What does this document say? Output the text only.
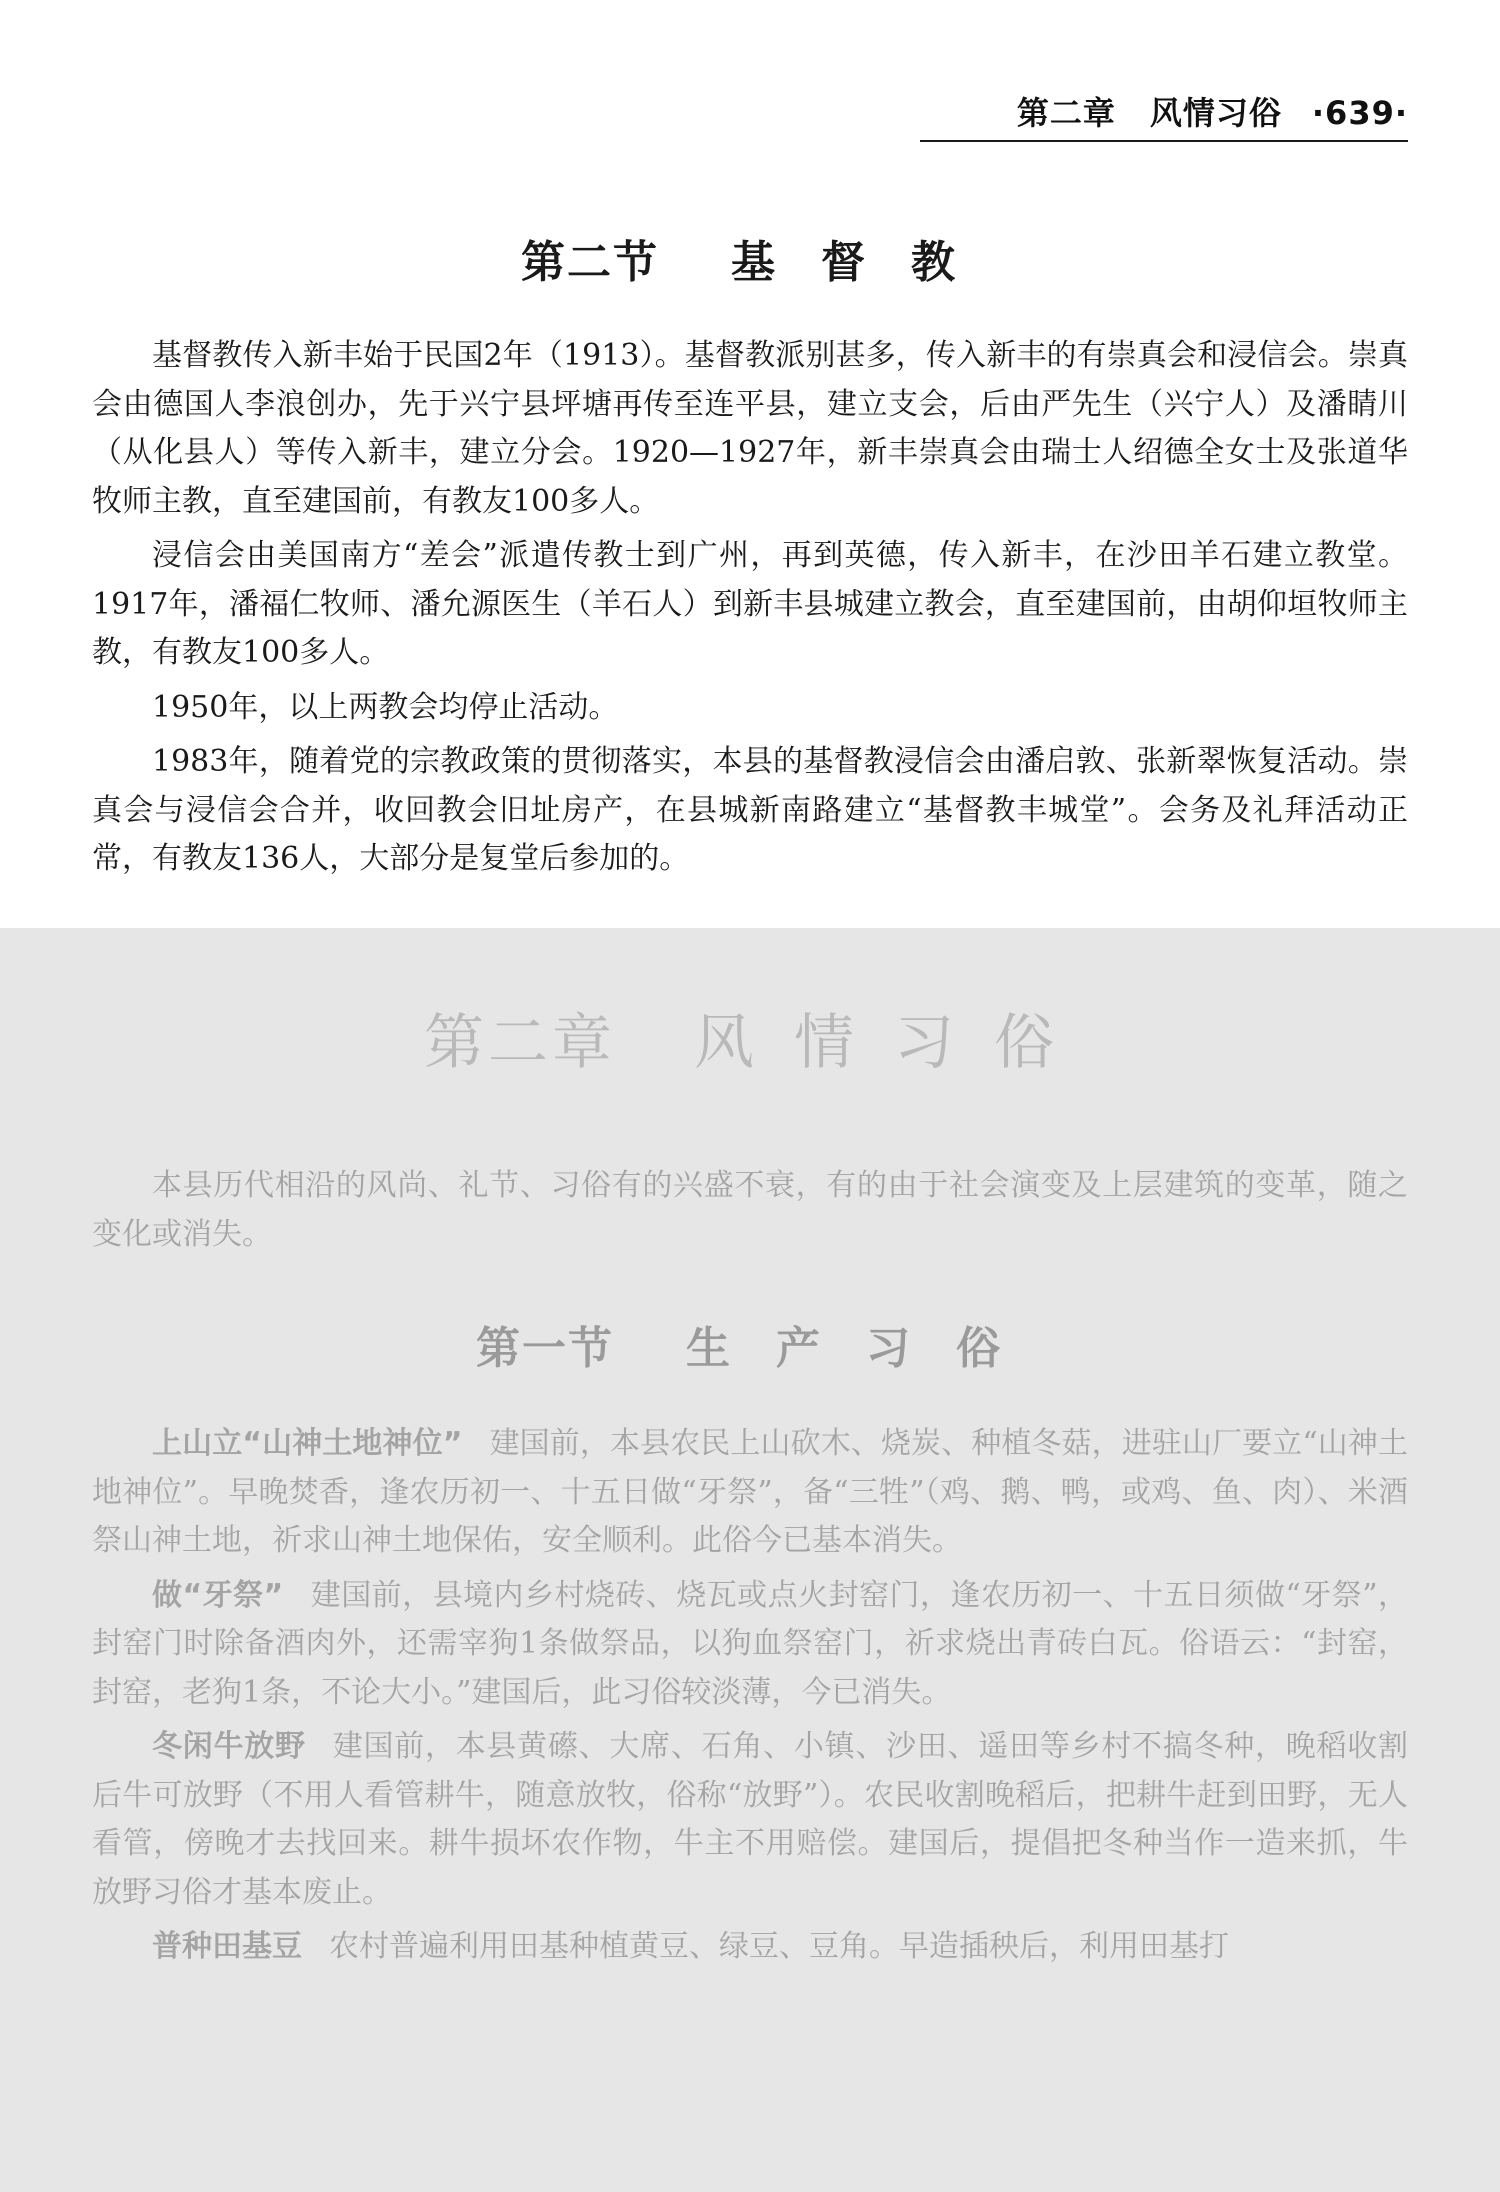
第二章 风情习俗 ·639·
第二节 基 督 教

基督教传入新丰始于民国2年（1913）。基督教派别甚多，传入新丰的有崇真会和浸信会。崇真会由德国人李浪创办，先于兴宁县坪塘再传至连平县，建立支会，后由严先生（兴宁人）及潘睛川（从化县人）等传入新丰，建立分会。1920—1927年，新丰崇真会由瑞士人绍德全女士及张道华牧师主教，直至建国前，有教友100多人。

浸信会由美国南方“差会”派遣传教士到广州，再到英德，传入新丰，在沙田羊石建立教堂。1917年，潘福仁牧师、潘允源医生（羊石人）到新丰县城建立教会，直至建国前，由胡仰垣牧师主教，有教友100多人。

1950年，以上两教会均停止活动。

1983年，随着党的宗教政策的贯彻落实，本县的基督教浸信会由潘启敦、张新翠恢复活动。崇真会与浸信会合并，收回教会旧址房产，在县城新南路建立“基督教丰城堂”。会务及礼拜活动正常，有教友136人，大部分是复堂后参加的。

第二章 风 情 习 俗

本县历代相沿的风尚、礼节、习俗有的兴盛不衰，有的由于社会演变及上层建筑的变革，随之变化或消失。

第一节 生 产 习 俗

上山立“山神土地神位” 建国前，本县农民上山砍木、烧炭、种植冬菇，进驻山厂要立“山神土地神位”。早晚焚香，逢农历初一、十五日做“牙祭”，备“三牲”（鸡、鹅、鸭，或鸡、鱼、肉）、米酒祭山神土地，祈求山神土地保佑，安全顺利。此俗今已基本消失。

做“牙祭” 建国前，县境内乡村烧砖、烧瓦或点火封窑门，逢农历初一、十五日须做“牙祭”，封窑门时除备酒肉外，还需宰狗1条做祭品，以狗血祭窑门，祈求烧出青砖白瓦。俗语云：“封窑，封窑，老狗1条，不论大小。”建国后，此习俗较淡薄，今已消失。

冬闲牛放野 建国前，本县黄礤、大席、石角、小镇、沙田、遥田等乡村不搞冬种，晚稻收割后牛可放野（不用人看管耕牛，随意放牧，俗称“放野”）。农民收割晚稻后，把耕牛赶到田野，无人看管，傍晚才去找回来。耕牛损坏农作物，牛主不用赔偿。建国后，提倡把冬种当作一造来抓，牛放野习俗才基本废止。

普种田基豆 农村普遍利用田基种植黄豆、绿豆、豆角。早造插秧后，利用田基打
